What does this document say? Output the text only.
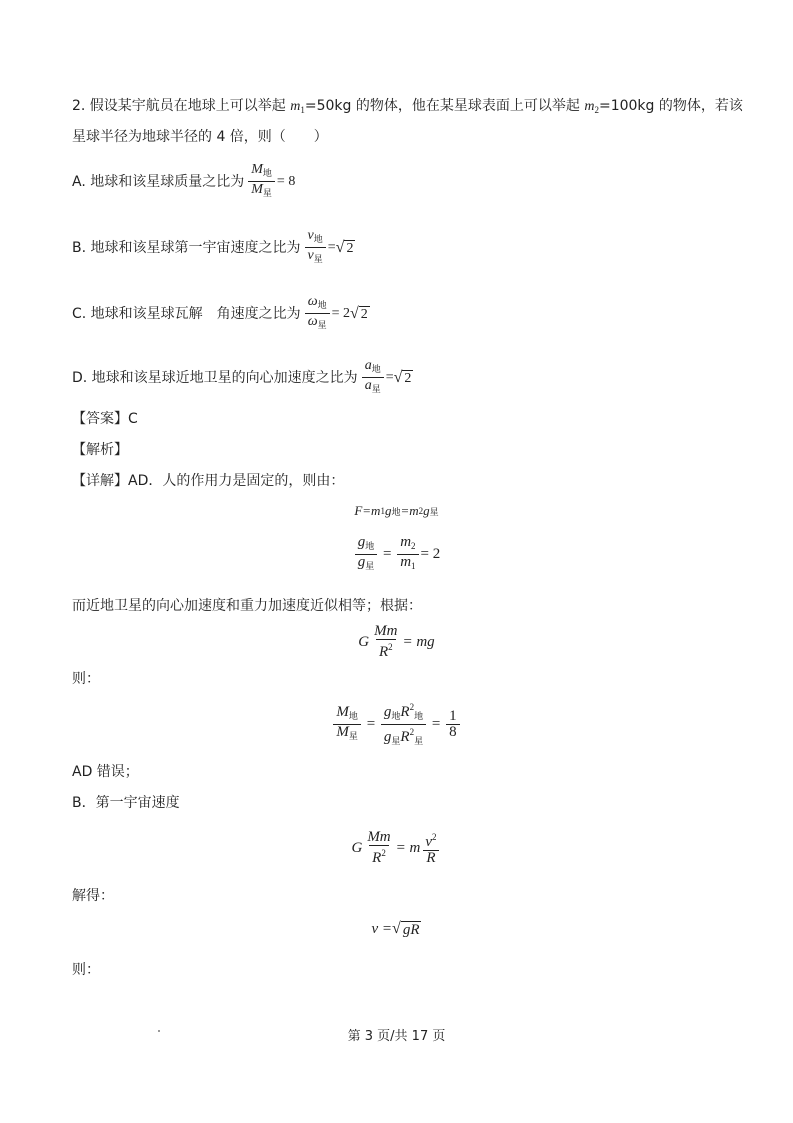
2. 假设某宇航员在地球上可以举起 $m_1=50kg$ 的物体，他在某星球表面上可以举起 $m_2=100kg$ 的物体，若该
星球半径为地球半径的 4 倍，则（　　）
A. 地球和该星球质量之比为 $\frac{M_地}{M_星} = 8$
B. 地球和该星球第一宇宙速度之比为 $\frac{v_地}{v_星}$ = √ 2
C. 地球和该星球瓦解　角速度之比为 $\frac{\omega_地}{\omega_星} = 2$ √ 2
D. 地球和该星球近地卫星的向心加速度之比为 $\frac{a_地}{a_星}$ = √ 2
【答案】C
【解析】
【详解】AD．人的作用力是固定的，则由：
F =m 1 g 地 =m 2 g 星
$\frac{g_地}{g_星} = \frac{m_2}{m_1} = 2$
而近地卫星的向心加速度和重力加速度近似相等；根据：
G $\frac{Mm}{R^2}$ = mg
则：
$\frac{M_地}{M_星} = \frac{g_地R^2_地}{g_星R^2_星} = \frac{1}{8}$
AD 错误；
B．第一宇宙速度
G $\frac{Mm}{R^2} = m \frac{v^2}{R}$
解得：
v = √ gR
则：
第 3 页/共 17 页
